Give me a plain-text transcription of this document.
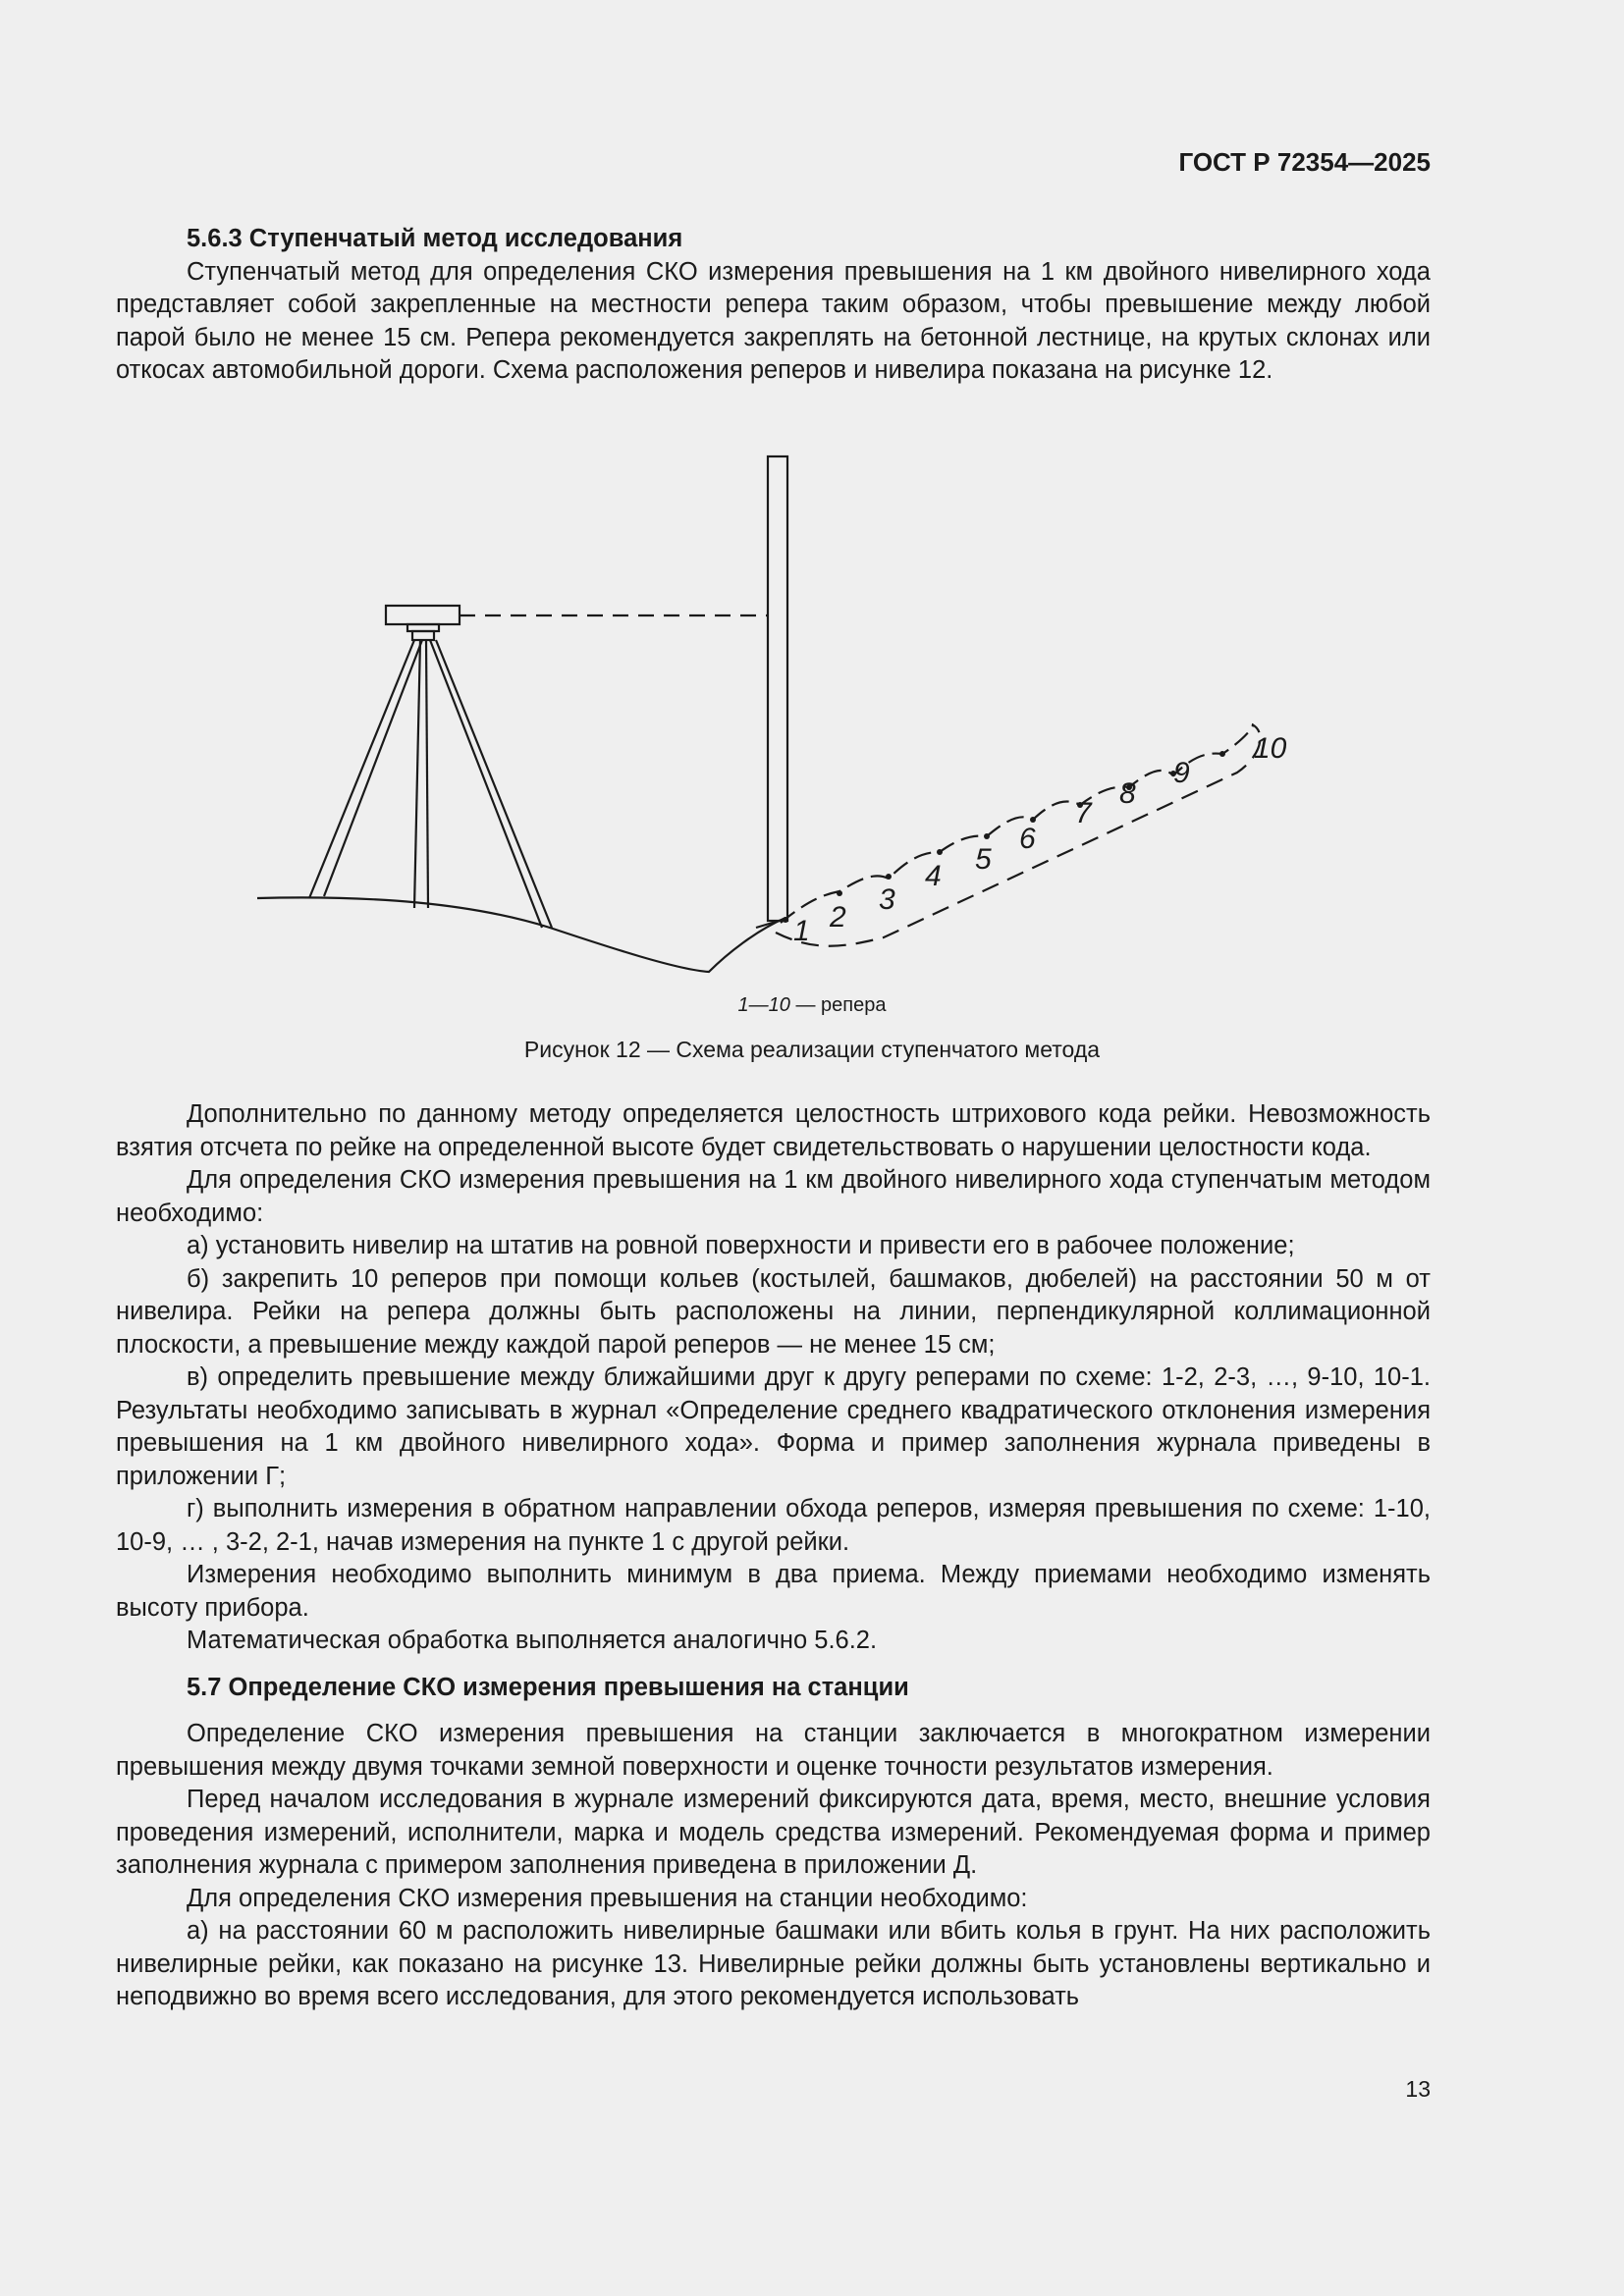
ГОСТ Р 72354—2025

5.6.3 Ступенчатый метод исследования

Ступенчатый метод для определения СКО измерения превышения на 1 км двойного нивелирного хода представляет собой закрепленные на местности репера таким образом, чтобы превышение между любой парой было не менее 15 см. Репера рекомендуется закреплять на бетонной лестнице, на крутых склонах или откосах автомобильной дороги. Схема расположения реперов и нивелира показана на рисунке 12.

1 2
3
4
5
6
7
8
9
10
1—10 — репера
Рисунок 12 — Схема реализации ступенчатого метода

Дополнительно по данному методу определяется целостность штрихового кода рейки. Невозможность взятия отсчета по рейке на определенной высоте будет свидетельствовать о нарушении целостности кода.

Для определения СКО измерения превышения на 1 км двойного нивелирного хода ступенчатым методом необходимо:

а) установить нивелир на штатив на ровной поверхности и привести его в рабочее положение;

б) закрепить 10 реперов при помощи кольев (костылей, башмаков, дюбелей) на расстоянии 50 м от нивелира. Рейки на репера должны быть расположены на линии, перпендикулярной коллимационной плоскости, а превышение между каждой парой реперов — не менее 15 см;

в) определить превышение между ближайшими друг к другу реперами по схеме: 1-2, 2-3, …, 9-10, 10-1. Результаты необходимо записывать в журнал «Определение среднего квадратического отклонения измерения превышения на 1 км двойного нивелирного хода». Форма и пример заполнения журнала приведены в приложении Г;

г) выполнить измерения в обратном направлении обхода реперов, измеряя превышения по схеме: 1-10, 10-9, … , 3-2, 2-1, начав измерения на пункте 1 с другой рейки.

Измерения необходимо выполнить минимум в два приема. Между приемами необходимо изменять высоту прибора.

Математическая обработка выполняется аналогично 5.6.2.

5.7 Определение СКО измерения превышения на станции

Определение СКО измерения превышения на станции заключается в многократном измерении превышения между двумя точками земной поверхности и оценке точности результатов измерения.

Перед началом исследования в журнале измерений фиксируются дата, время, место, внешние условия проведения измерений, исполнители, марка и модель средства измерений. Рекомендуемая форма и пример заполнения журнала с примером заполнения приведена в приложении Д.

Для определения СКО измерения превышения на станции необходимо:

а) на расстоянии 60 м расположить нивелирные башмаки или вбить колья в грунт. На них расположить нивелирные рейки, как показано на рисунке 13. Нивелирные рейки должны быть установлены вертикально и неподвижно во время всего исследования, для этого рекомендуется использовать

13
